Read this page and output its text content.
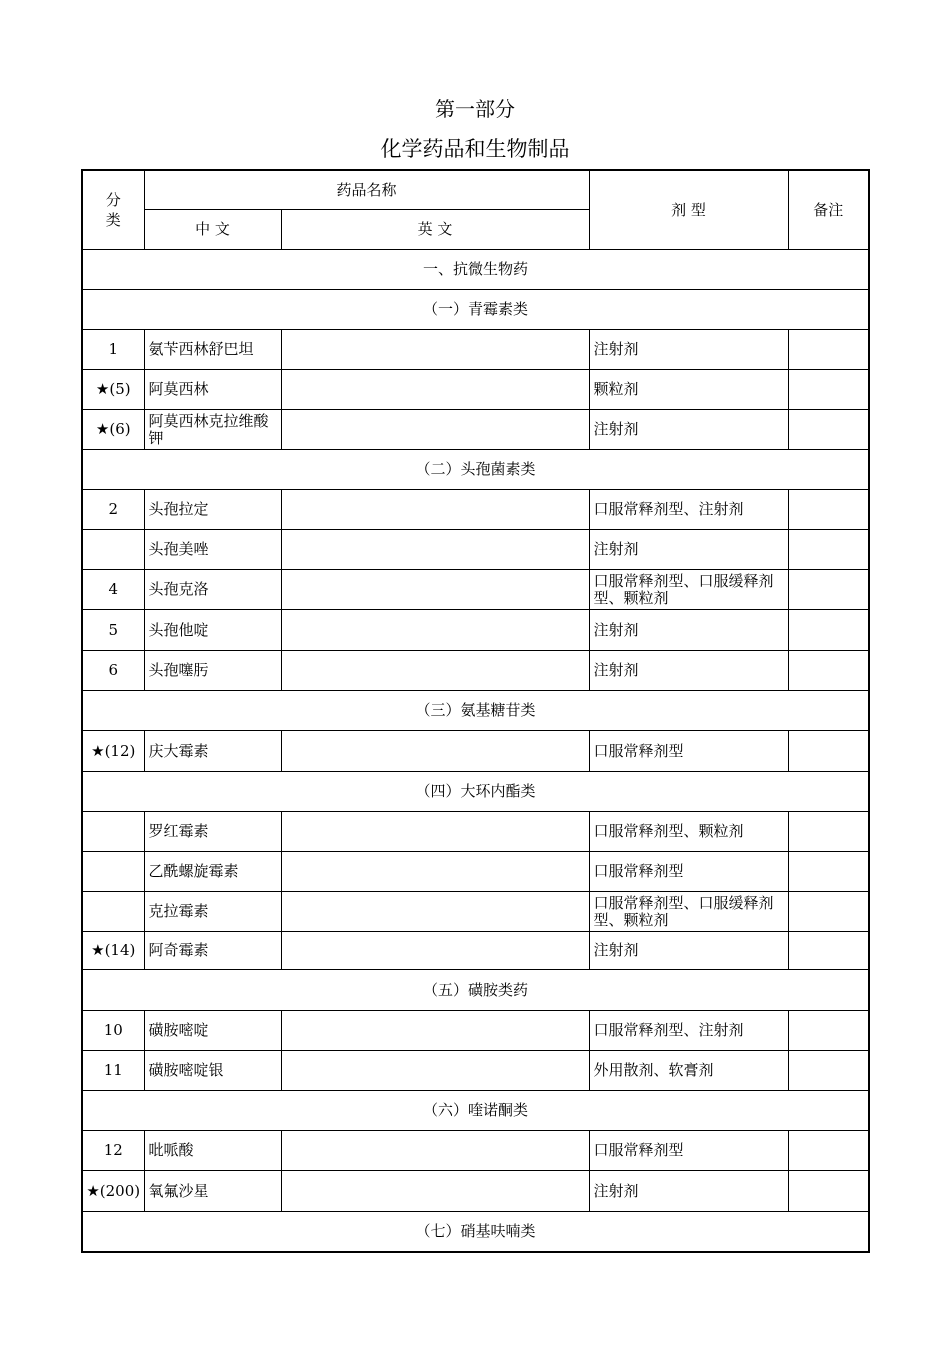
第一部分
化学药品和生物制品
分类	药品名称		剂 型	备注
	中 文	英 文		
一、抗微生物药				
（一）青霉素类				
1	氨苄西林舒巴坦		注射剂	
★(5)	阿莫西林		颗粒剂	
★(6)	阿莫西林克拉维酸钾		注射剂	
（二）头孢菌素类				
2	头孢拉定		口服常释剂型、注射剂	
	头孢美唑		注射剂	
4	头孢克洛		口服常释剂型、口服缓释剂型、颗粒剂	
5	头孢他啶		注射剂	
6	头孢噻肟		注射剂	
（三）氨基糖苷类				
★(12)	庆大霉素		口服常释剂型	
（四）大环内酯类				
	罗红霉素		口服常释剂型、颗粒剂	
	乙酰螺旋霉素		口服常释剂型	
	克拉霉素		口服常释剂型、口服缓释剂型、颗粒剂	
★(14)	阿奇霉素		注射剂	
（五）磺胺类药				
10	磺胺嘧啶		口服常释剂型、注射剂	
11	磺胺嘧啶银		外用散剂、软膏剂	
（六）喹诺酮类				
12	吡哌酸		口服常释剂型	
★(200)	氧氟沙星		注射剂	
（七）硝基呋喃类				
